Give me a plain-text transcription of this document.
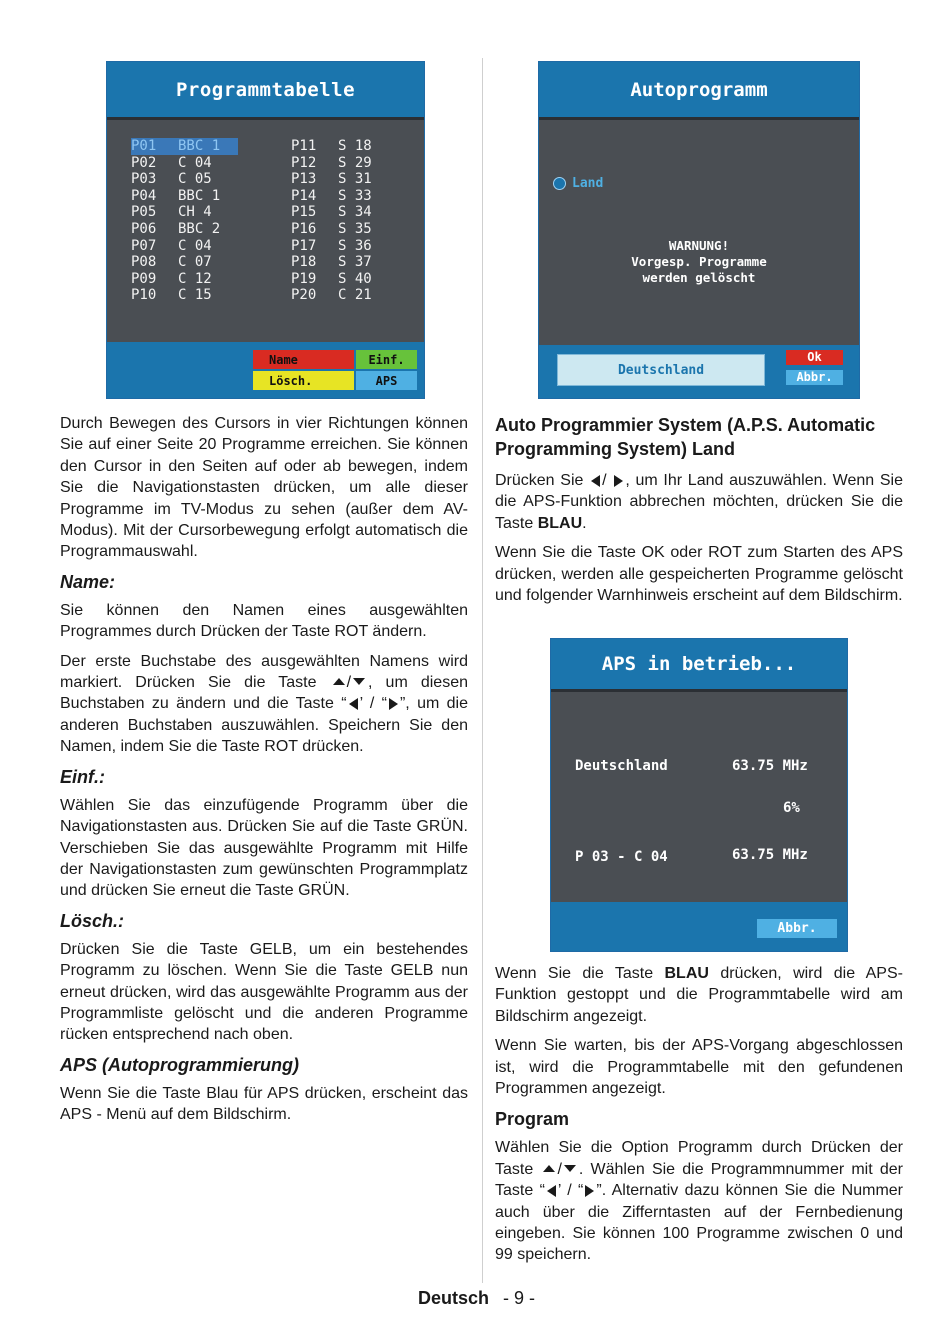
Programmtabelle
P01	BBC 1
P02	C 04
P03	C 05
P04	BBC 1
P05	CH 4
P06	BBC 2
P07	C 04
P08	C 07
P09	C 12
P10	C 15
P11	S 18
P12	S 29
P13	S 31
P14	S 33
P15	S 34
P16	S 35
P17	S 36
P18	S 37
P19	S 40
P20	C 21
Name	Einf.
Lösch.	APS
Autoprogramm
Land
WARNUNG!
Vorgesp. Programme
werden gelöscht
Deutschland
Ok
Abbr.

Durch Bewegen des Cursors in vier Richtungen können Sie auf einer Seite 20 Programme erreichen. Sie können den Cursor in den Seiten auf oder ab bewegen, indem Sie die Navigationstasten drücken, um alle dieser Programme im TV-Modus zu sehen (außer dem AV-Modus). Mit der Cursorbewegung erfolgt automatisch die Programmauswahl.

Name:

Sie können den Namen eines ausgewählten Programmes durch Drücken der Taste ROT ändern.

Der erste Buchstabe des ausgewählten Namens wird markiert. Drücken Sie die Taste / , um diesen Buchstaben zu ändern und die Taste “ ’ / “ ”, um die anderen Buchstaben auszuwählen. Speichern Sie den Namen, indem Sie die Taste ROT drücken.

Einf.:

Wählen Sie das einzufügende Programm über die Navigationstasten aus. Drücken Sie auf die Taste GRÜN. Verschieben Sie das ausgewählte Programm mit Hilfe der Navigationstasten zum gewünschten Programmplatz und drücken Sie erneut die Taste GRÜN.

Lösch.:

Drücken Sie die Taste GELB, um ein bestehendes Programm zu löschen. Wenn Sie die Taste GELB nun erneut drücken, wird das ausgewählte Programm aus der Programmliste gelöscht und die anderen Programme rücken entsprechend nach oben.

APS (Autoprogrammierung)

Wenn Sie die Taste Blau für APS drücken, erscheint das APS - Menü auf dem Bildschirm.

Auto Programmier System (A.P.S. Automatic Programming System) Land

Drücken Sie / , um Ihr Land auszuwählen. Wenn Sie die APS-Funktion abbrechen möchten, drücken Sie die Taste BLAU.

Wenn Sie die Taste OK oder ROT zum Starten des APS drücken, werden alle gespeicherten Programme gelöscht und folgender Warnhinweis erscheint auf dem Bildschirm.

Wenn Sie die Taste BLAU drücken, wird die APS-Funktion gestoppt und die Programmtabelle wird am Bildschirm angezeigt.

Wenn Sie warten, bis der APS-Vorgang abgeschlossen ist, wird die Programmtabelle mit den gefundenen Programmen angezeigt.

Program

Wählen Sie die Option Programm durch Drücken der Taste / . Wählen Sie die Programmnummer mit der Taste “ ’ / “ ”. Alternativ dazu können Sie die Nummer auch über die Zifferntasten auf der Fernbedienung eingeben. Sie können 100 Programme zwischen 0 und 99 speichern.

APS in betrieb...
Deutschland	63.75 MHz
6%
P 03 - C 04	63.75 MHz
Abbr.
Deutsch - 9 -
